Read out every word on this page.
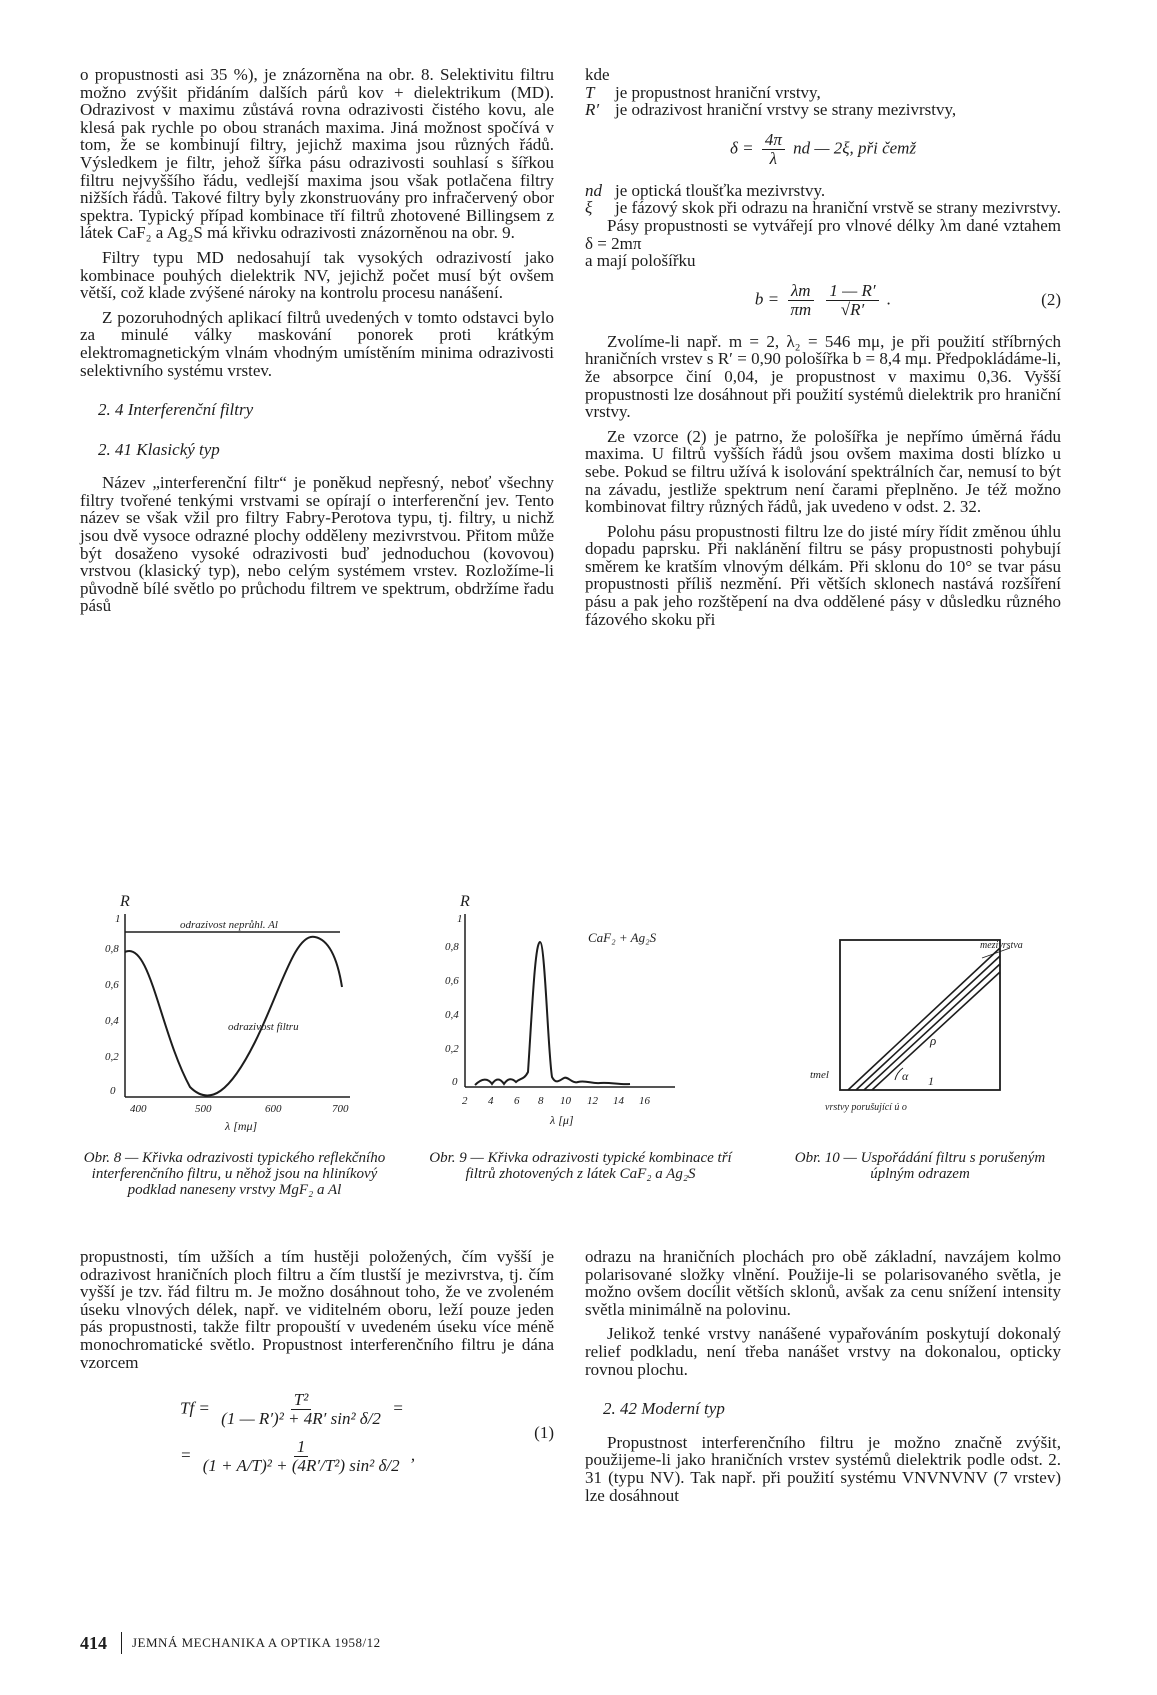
o propustnosti asi 35 %), je znázorněna na obr. 8. Selektivitu filtru možno zvýšit přidáním dalších párů kov + dielektrikum (MD). Odrazivost v maximu zůstává rovna odrazivosti čistého kovu, ale klesá pak rychle po obou stranách maxima. Jiná možnost spočívá v tom, že se kombinují filtry, jejichž maxima jsou různých řádů. Výsledkem je filtr, jehož šířka pásu odrazivosti souhlasí s šířkou filtru nejvyššího řádu, vedlejší maxima jsou však potlačena filtry nižších řádů. Takové filtry byly zkonstruovány pro infračervený obor spektra. Typický případ kombinace tří filtrů zhotovené Billingsem z látek CaF₂ a Ag₂S má křivku odrazivosti znázorněnou na obr. 9.

Filtry typu MD nedosahují tak vysokých odrazivostí jako kombinace pouhých dielektrik NV, jejichž počet musí být ovšem větší, což klade zvýšené nároky na kontrolu procesu nanášení.

Z pozoruhodných aplikací filtrů uvedených v tomto odstavci bylo za minulé války maskování ponorek proti krátkým elektromagnetickým vlnám vhodným umístěním minima odrazivosti selektivního systému vrstev.

2. 4 Interferenční filtry

2. 41 Klasický typ

Název „interferenční filtr“ je poněkud nepřesný, neboť všechny filtry tvořené tenkými vrstvami se opírají o interferenční jev. Tento název se však vžil pro filtry Fabry-Perotova typu, tj. filtry, u nichž jsou dvě vysoce odrazné plochy odděleny mezivrstvou. Přitom může být dosaženo vysoké odrazivosti buď jednoduchou (kovovou) vrstvou (klasický typ), nebo celým systémem vrstev. Rozložíme-li původně bílé světlo po průchodu filtrem ve spektrum, obdržíme řadu pásů

kde

T je propustnost hraniční vrstvy,

R′ je odrazivost hraniční vrstvy se strany mezivrstvy,

$\delta = \frac{4\pi}{\lambda}$ nd — 2ξ, při čemž

nd je optická tloušťka mezivrstvy.

ξ je fázový skok při odrazu na hraniční vrstvě se strany mezivrstvy.

Pásy propustnosti se vytvářejí pro vlnové délky λm dané vztahem δ = 2mπ

a mají pološířku

$b = \frac{\lambda m}{\pi m}$
$\frac{1 — R'}{√R'}$ .	(2)

Zvolíme-li např. m = 2, λ₂ = 546 mμ, je při použití stříbrných hraničních vrstev s R′ = 0,90 pološířka b = 8,4 mμ. Předpokládáme-li, že absorpce činí 0,04, je propustnost v maximu 0,36. Vyšší propustnosti lze dosáhnout při použití systémů dielektrik pro hraniční vrstvy.

Ze vzorce (2) je patrno, že pološířka je nepřímo úměrná řádu maxima. U filtrů vyšších řádů jsou ovšem maxima dosti blízko u sebe. Pokud se filtru užívá k isolování spektrálních čar, nemusí to být na závadu, jestliže spektrum není čarami přeplněno. Je též možno kombinovat filtry různých řádů, jak uvedeno v odst. 2. 32.

Polohu pásu propustnosti filtru lze do jisté míry řídit změnou úhlu dopadu paprsku. Při naklánění filtru se pásy propustnosti pohybují směrem ke kratším vlnovým délkám. Při sklonu do 10° se tvar pásu propustnosti příliš nezmění. Při větších sklonech nastává rozšíření pásu a pak jeho rozštěpení na dva oddělené pásy v důsledku různého fázového skoku při

R
1
0,8
0,6
0,4
0,2
0
400	500	600	700
λ [mμ]
odrazivost neprůhl. Al
odrazivost filtru
Obr. 8 — Křivka odrazivosti typického reflekčního interferenčního filtru, u něhož jsou na hliníkový podklad naneseny vrstvy MgF₂ a Al
R
1
0,8
0,6
0,4
0,2
0
2 4 6 8 10 12 14 16
λ [μ]
CaF₂ + Ag₂S
Obr. 9 — Křivka odrazivosti typické kombinace tří filtrů zhotovených z látek CaF₂ a Ag₂S
mezivrstva
tmel	α
ρ
1
vrstvy porušující ú o
Obr. 10 — Uspořádání filtru s porušeným úplným odrazem

propustnosti, tím užších a tím hustěji položených, čím vyšší je odrazivost hraničních ploch filtru a čím tlustší je mezivrstva, tj. čím vyšší je tzv. řád filtru m. Je možno dosáhnout toho, že ve zvoleném úseku vlnových délek, např. ve viditelném oboru, leží pouze jeden pás propustnosti, takže filtr propouští v uvedeném úseku více méně monochromatické světlo. Propustnost interferenčního filtru je dána vzorcem

$Tf = \frac{\text{T²}}{\text{(1 — R′)² + 4R′ sin² δ/2}}$ =
= $\frac{1}{\text{(1 + A/T)² + (4R′/T²) sin² δ/2}}$ ,
(1)

odrazu na hraničních plochách pro obě základní, navzájem kolmo polarisované složky vlnění. Použije-li se polarisovaného světla, je možno ovšem docílit větších sklonů, avšak za cenu snížení intensity světla minimálně na polovinu.

Jelikož tenké vrstvy nanášené vypařováním poskytují dokonalý relief podkladu, není třeba nanášet vrstvy na dokonalou, opticky rovnou plochu.

2. 42 Moderní typ

Propustnost interferenčního filtru je možno značně zvýšit, použijeme-li jako hraničních vrstev systémů dielektrik podle odst. 2. 31 (typu NV). Tak např. při použití systému VNVNVNV (7 vrstev) lze dosáhnout

414 JEMNÁ MECHANIKA A OPTIKA 1958/12
